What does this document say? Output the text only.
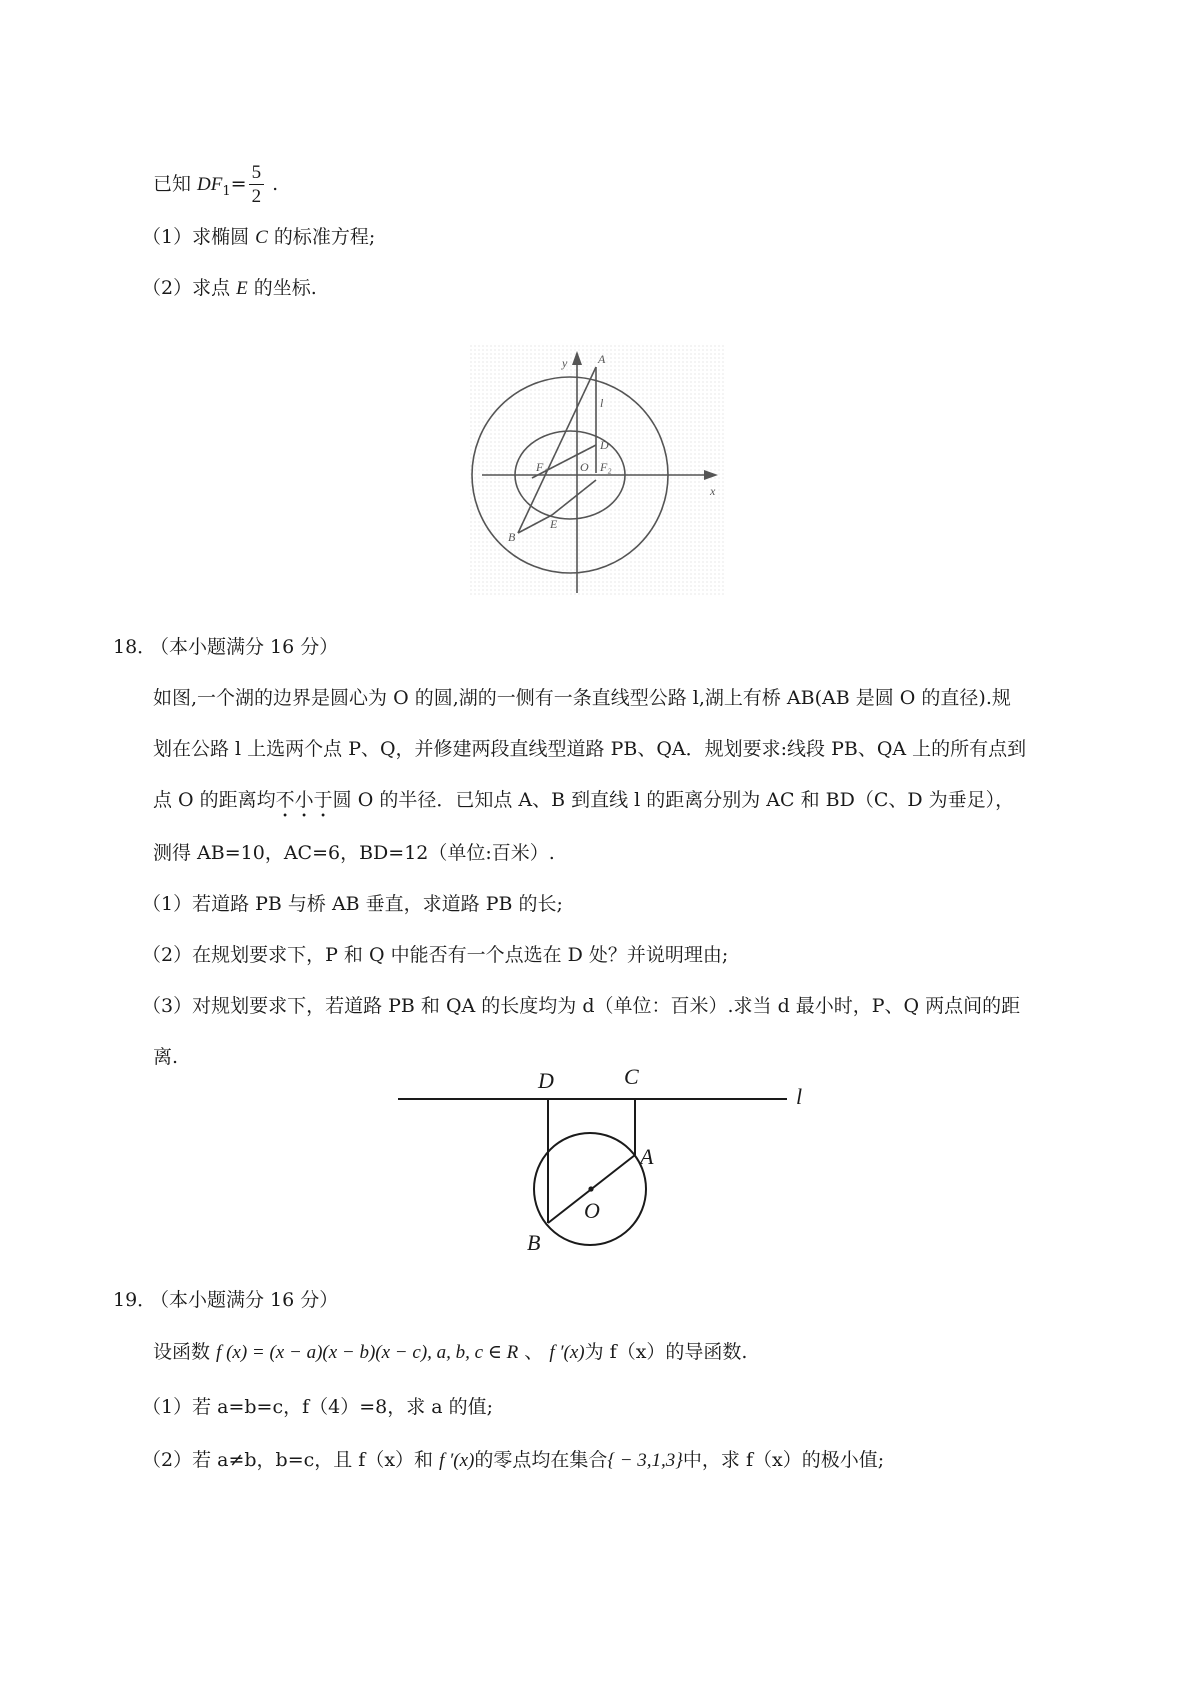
已知 $DF_1= \frac{5}{2}$ .
（1）求椭圆 C 的标准方程;
（2）求点 E 的坐标.
y	A
l
D
F₁	O F₂
x
E
B
18．
（本小题满分 16 分）
如图,一个湖的边界是圆心为 O 的圆,湖的一侧有一条直线型公路 l,湖上有桥 AB(AB 是圆 O 的直径).规
划在公路 l 上选两个点 P、Q，并修建两段直线型道路 PB、QA．规划要求:线段 PB、QA 上的所有点到
点 O 的距离均不小于圆 O 的半径．已知点 A、B 到直线 l 的距离分别为 AC 和 BD（C、D 为垂足），
测得 AB=10，AC=6，BD=12（单位:百米）.
（1）若道路 PB 与桥 AB 垂直，求道路 PB 的长;
（2）在规划要求下，P 和 Q 中能否有一个点选在 D 处？并说明理由;
（3）对规划要求下，若道路 PB 和 QA 的长度均为 d（单位：百米）.求当 d 最小时，P、Q 两点间的距
离.
D	C
l
A
O
B
19．
（本小题满分 16 分）
设函数 f (x) = (x − a)(x − b)(x − c), a, b, c ∈ R 、 f ′(x)为 f（x）的导函数.
（1）若 a=b=c，f（4）=8，求 a 的值;
（2）若 a≠b，b=c，且 f（x）和 f ′(x)的零点均在集合{ − 3,1,3}中，求 f（x）的极小值;
